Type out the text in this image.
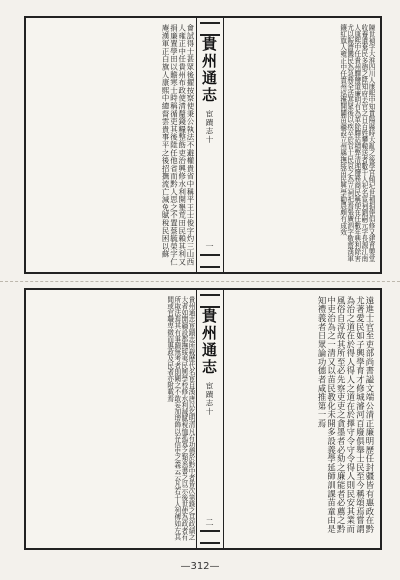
陳世禎字大淮四川人康熙中知貴陽縣時大亂之後學宮傾圮世禎捐俸倡修又建育嬰堂收養遺棄民多德之陞知府去官之日百姓攀轅送者數千人祀名宦祠劉嗣元字長源江南人康熙中任貴州驛鹽道廉明有為革除驛站積弊清理鹽務商民稱便在任數年興利除害尤以賑濟饑民為急務全活甚眾後以疾卒於官士民哀之為立祠祀焉張廣泗字敬齋漢軍鑲紅旗人雍正中任貴州巡撫開闢苗疆設立州縣撫綏苗民興學勸農頗有成效
貴州通志
宦蹟志十
一
會試得士甚眾後擢按察使秉公執法不避權貴省中稱平王士俊字灼三山西人雍正中任貴州布政使清釐錢糧整飭吏治興修水利開墾荒田民賴其利又捐廉置學田以贍寒士時稱循吏其後陞任他省而黔人思之不置蔡毓榮字仁庵漢軍正白旗人康熙中總督雲貴事平之後招撫流亡減免賦稅民困以蘇
遠進士官至吏部尚書謚文端公清正廉明歷任封疆皆有惠政在黔尤著愛民如子興學育才修城濬河百廢俱舉士民至今稱頌焉嘗謂為治之道在於得人得人之道在於擇守令守令得人則民安其業而風俗自淳故其所至必先察吏吏之貪墨者必劾之廉能者必薦之黔中吏治為之一清又以苗民教化未開多設義學延師訓課苗童由是知禮義者日眾論功德者咸推第一焉
貴州通志
宦蹟志十
二
貴州通志宦蹟志所載歷代名宦自漢唐以迄明清凡有功德於黔中者皆次第錄之其政績之大者如開疆設郡撫綏夷民興學校修水利減賦稅恤孤寡之類悉書之以示後世使為政者有所取法焉其有事蹟無考者則闕之不敢妄加增飾以存信史之義云云凡若干人列傳如左其間或官職卑微而惠政及民者亦附載焉
—312—
